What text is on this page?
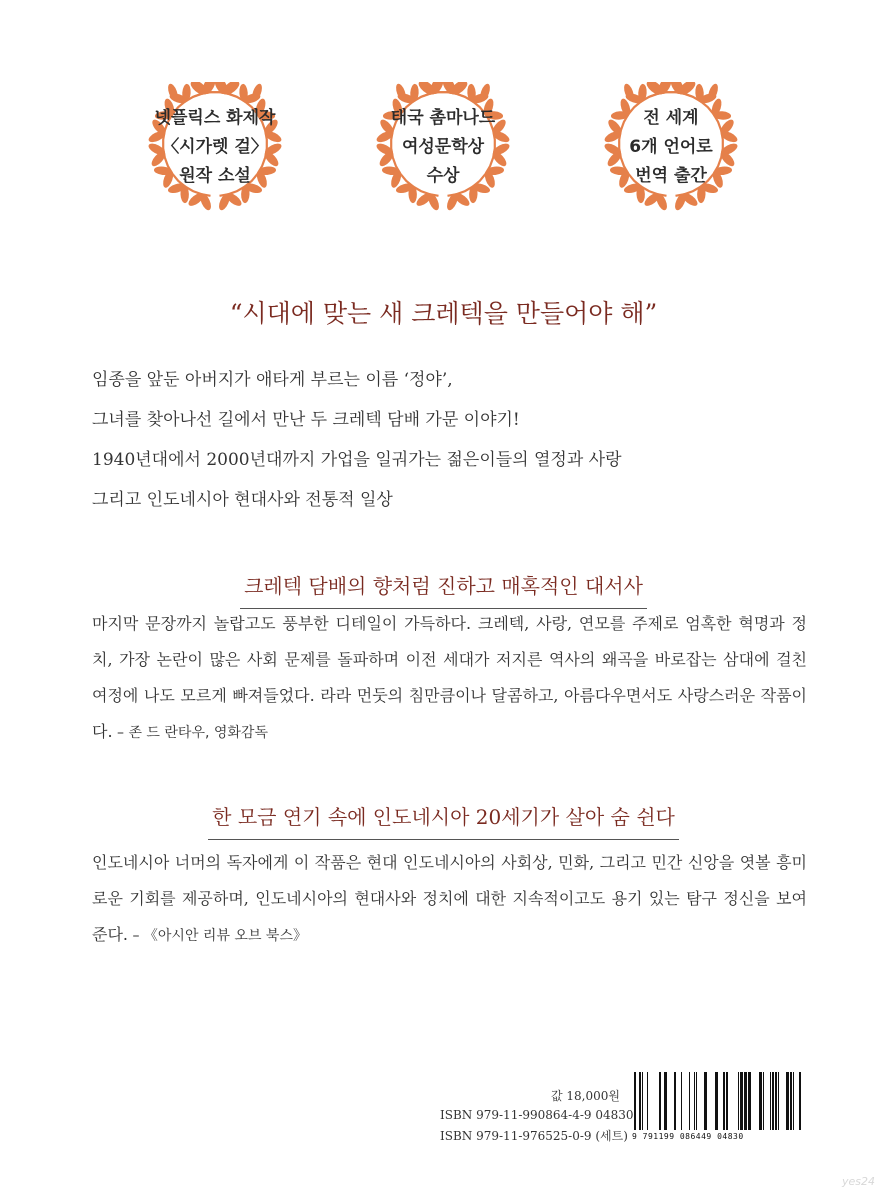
넷플릭스 화제작
〈시가렛 걸〉
원작 소설
태국 촘마나드
여성문학상
수상
전 세계
6개 언어로
번역 출간
“시대에 맞는 새 크레텍을 만들어야 해”

임종을 앞둔 아버지가 애타게 부르는 이름 ‘정야’,

그녀를 찾아나선 길에서 만난 두 크레텍 담배 가문 이야기!

1940년대에서 2000년대까지 가업을 일궈가는 젊은이들의 열정과 사랑

그리고 인도네시아 현대사와 전통적 일상

크레텍 담배의 향처럼 진하고 매혹적인 대서사

마지막 문장까지 놀랍고도 풍부한 디테일이 가득하다. 크레텍, 사랑, 연모를 주제로 엄혹한 혁명과 정치, 가장 논란이 많은 사회 문제를 돌파하며 이전 세대가 저지른 역사의 왜곡을 바로잡는 삼대에 걸친 여정에 나도 모르게 빠져들었다. 라라 먼둣의 침만큼이나 달콤하고, 아름다우면서도 사랑스러운 작품이다. – 존 드 란타우, 영화감독

한 모금 연기 속에 인도네시아 20세기가 살아 숨 쉰다

인도네시아 너머의 독자에게 이 작품은 현대 인도네시아의 사회상, 민화, 그리고 민간 신앙을 엿볼 흥미로운 기회를 제공하며, 인도네시아의 현대사와 정치에 대한 지속적이고도 용기 있는 탐구 정신을 보여준다. – 《아시안 리뷰 오브 북스》

값 18,000원
ISBN 979-11-990864-4-9 04830
ISBN 979-11-976525-0-9 (세트) 9 791199 086449 04830
yes24
